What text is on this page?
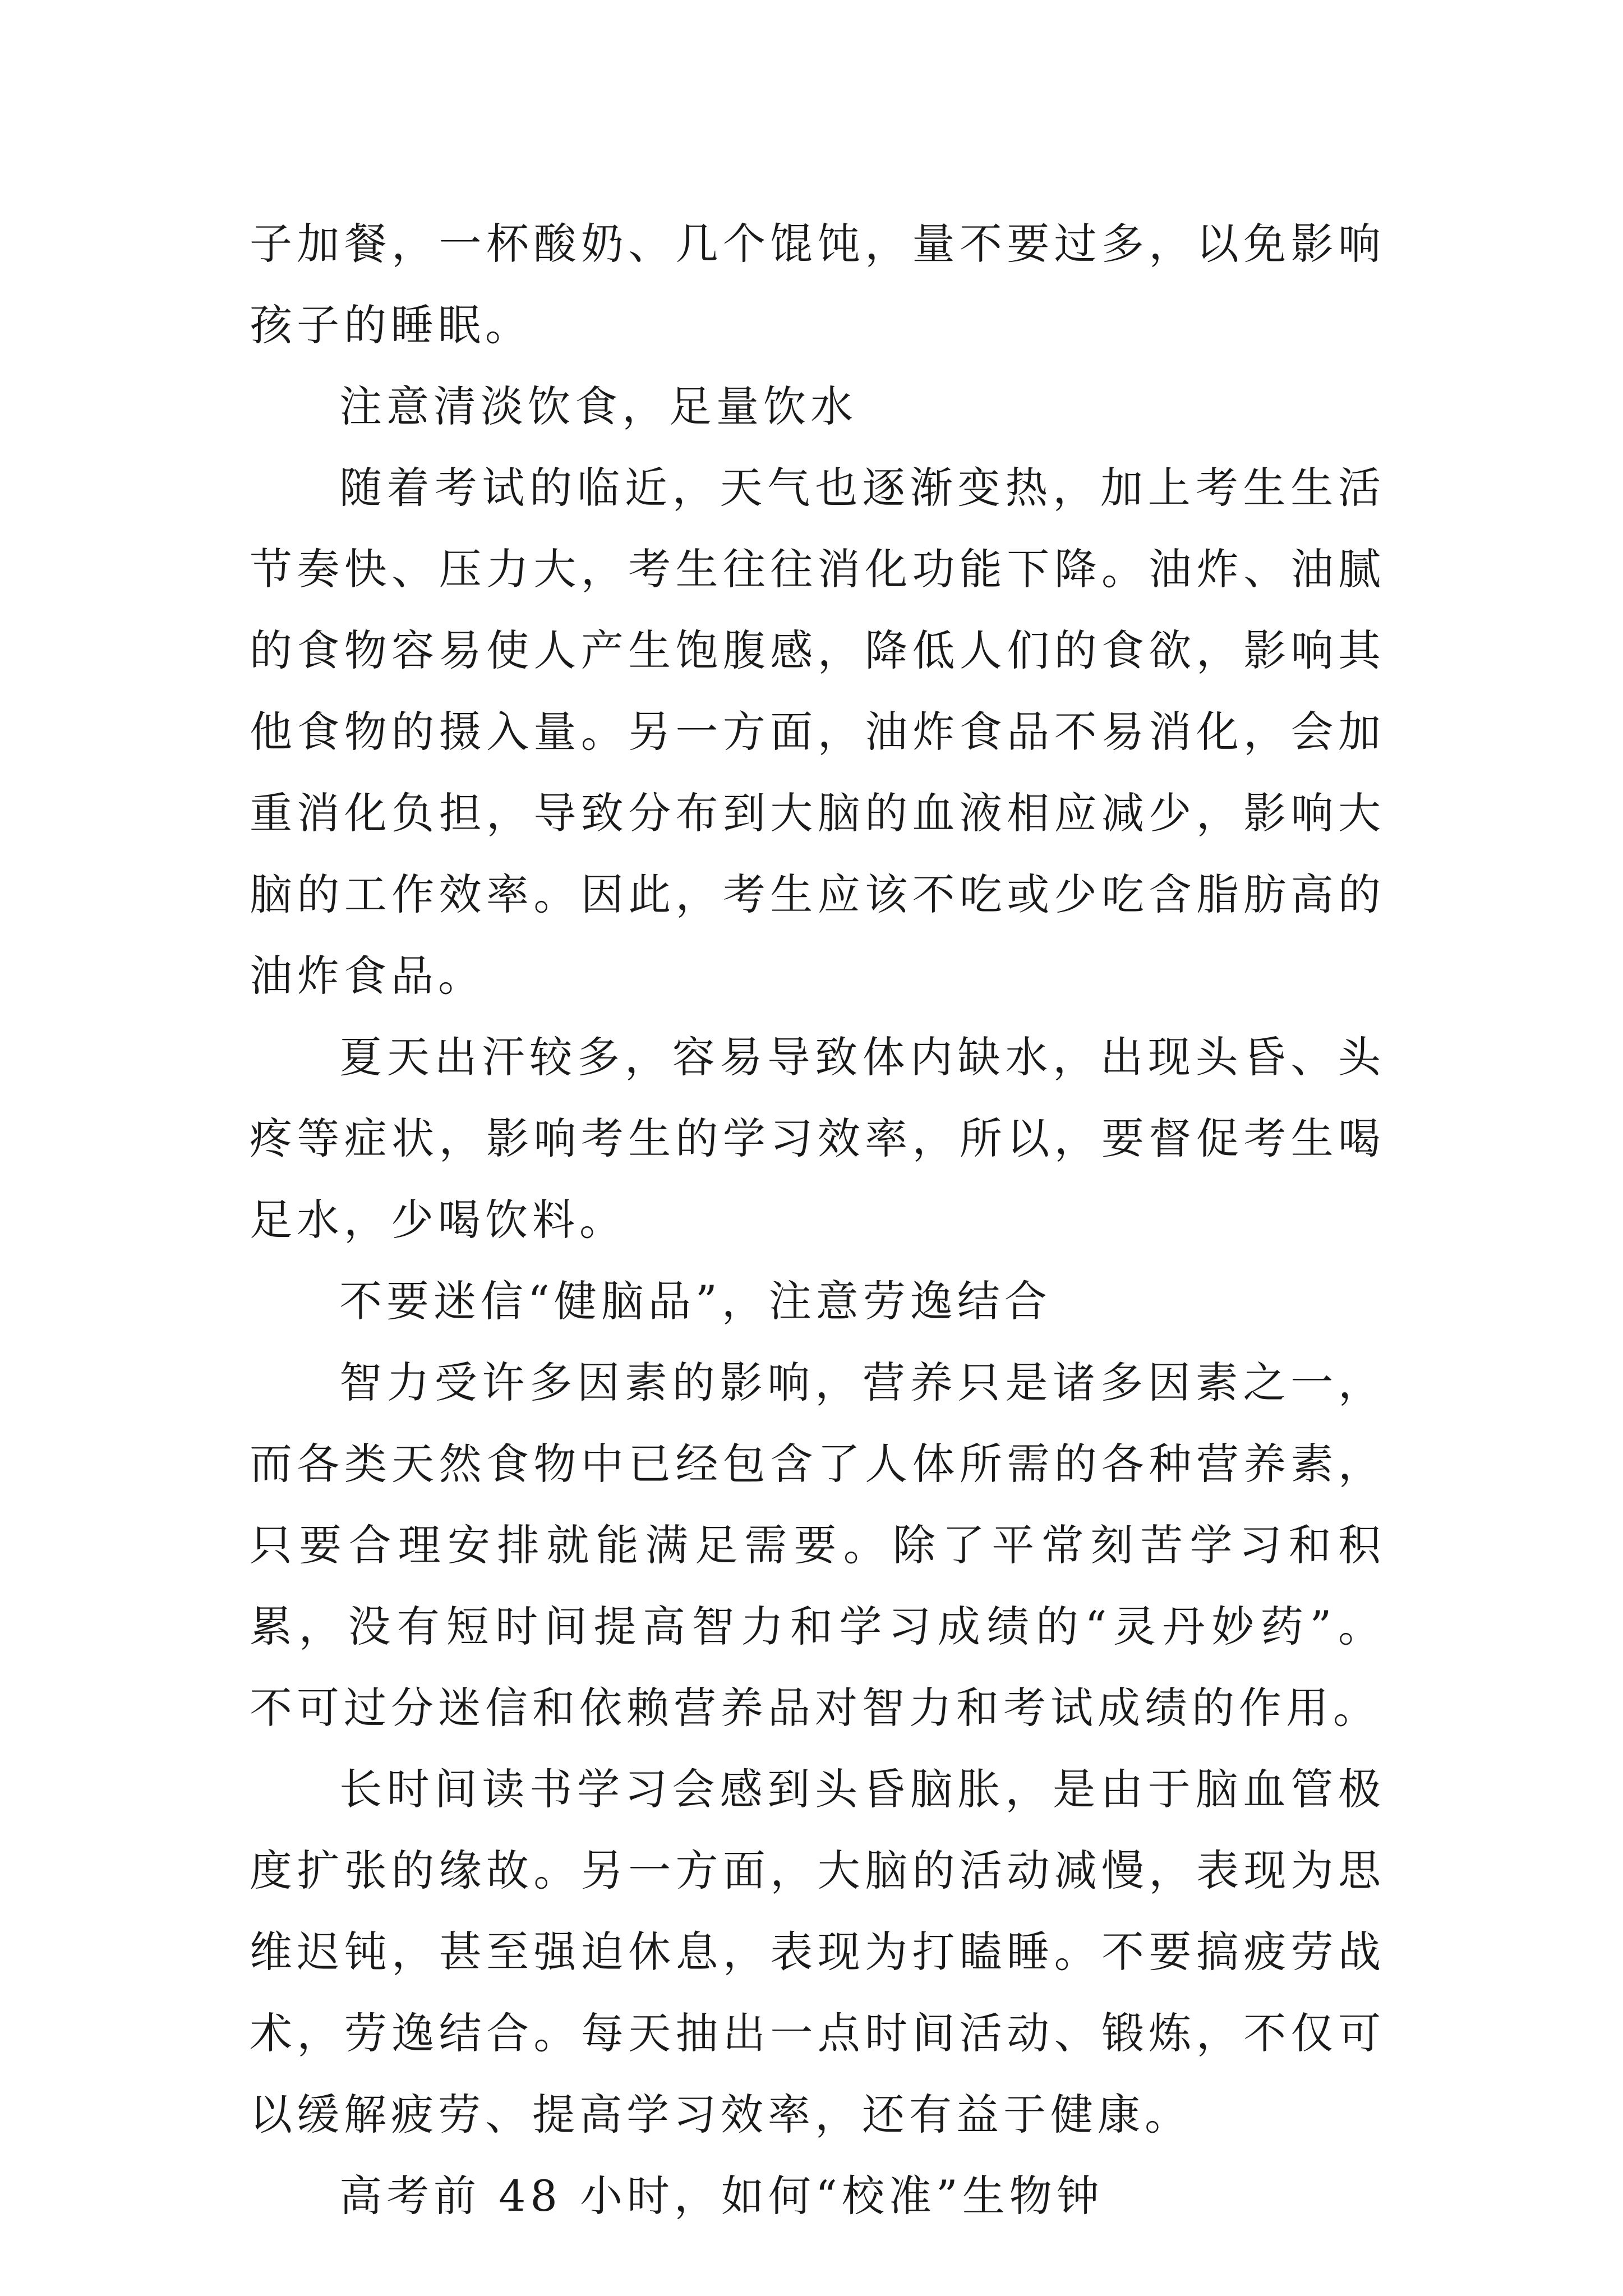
子加餐，一杯酸奶、几个馄饨，量不要过多，以免影响孩子的睡眠。

注意清淡饮食，足量饮水

随着考试的临近，天气也逐渐变热，加上考生生活节奏快、压力大，考生往往消化功能下降。油炸、油腻的食物容易使人产生饱腹感，降低人们的食欲，影响其他食物的摄入量。另一方面，油炸食品不易消化，会加重消化负担，导致分布到大脑的血液相应减少，影响大脑的工作效率。因此，考生应该不吃或少吃含脂肪高的油炸食品。

夏天出汗较多，容易导致体内缺水，出现头昏、头疼等症状，影响考生的学习效率，所以，要督促考生喝足水，少喝饮料。

不要迷信“健脑品”，注意劳逸结合

智力受许多因素的影响，营养只是诸多因素之一，而各类天然食物中已经包含了人体所需的各种营养素，只要合理安排就能满足需要。除了平常刻苦学习和积累，没有短时间提高智力和学习成绩的“灵丹妙药”。不可过分迷信和依赖营养品对智力和考试成绩的作用。

长时间读书学习会感到头昏脑胀，是由于脑血管极度扩张的缘故。另一方面，大脑的活动减慢，表现为思维迟钝，甚至强迫休息，表现为打瞌睡。不要搞疲劳战术，劳逸结合。每天抽出一点时间活动、锻炼，不仅可以缓解疲劳、提高学习效率，还有益于健康。

高考前 48 小时，如何“校准”生物钟
